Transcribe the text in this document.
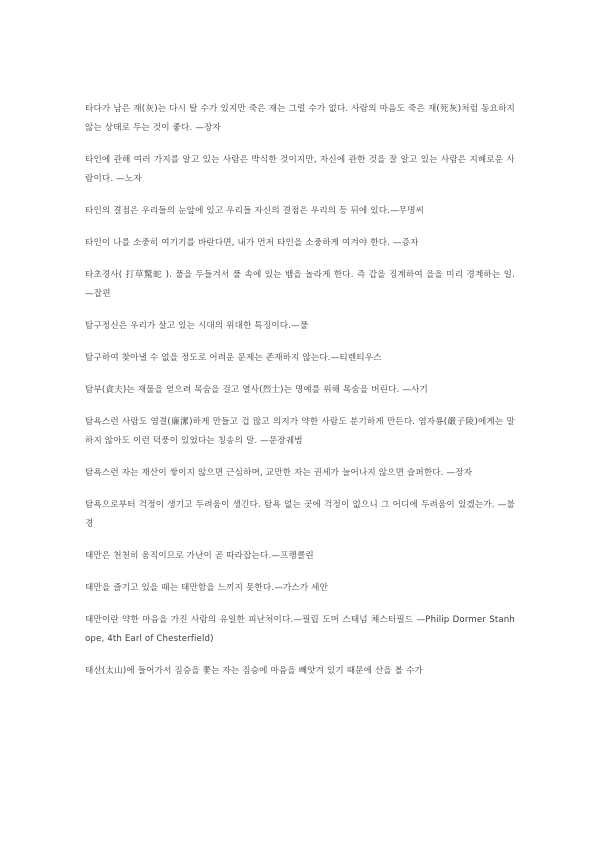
타다가 남은 재(灰)는 다시 탈 수가 있지만 죽은 재는 그럴 수가 없다. 사람의 마음도 죽은 재(死灰)처럼 동요하지 않는 상태로 두는 것이 좋다. —장자

타인에 관해 여러 가지를 알고 있는 사람은 박식한 것이지만, 자신에 관한 것을 잘 알고 있는 사람은 지혜로운 사람이다. —노자

타인의 결점은 우리들의 눈앞에 있고 우리들 자신의 결점은 우리의 등 뒤에 있다.—무명씨

타인이 나를 소중히 여기기를 바란다면, 내가 먼저 타인을 소중하게 여겨야 한다. —증자

타초경사( 打草驚蛇 ). 풀을 두들겨서 풀 속에 있는 뱀을 놀라게 한다. 즉 갑을 징계하여 을을 미리 경계하는 일. —잡편

탐구정신은 우리가 살고 있는 시대의 위대한 특징이다.—풀

탐구하여 찾아낼 수 없을 정도로 어려운 문제는 존재하지 않는다.—티렌티우스

탐부(貪夫)는 재물을 얻으려 목숨을 걸고 열사(烈士)는 명예를 위해 목숨을 버린다. —사기

탐욕스런 사람도 염결(廉潔)하게 만들고 겁 많고 의지가 약한 사람도 분기하게 만든다. 염자룡(嚴子陵)에게는 말하지 않아도 이런 덕풍이 있었다는 칭송의 말. —문장궤범

탐욕스런 자는 재산이 쌓이지 않으면 근심하며, 교만한 자는 권세가 늘어나지 않으면 슬퍼한다. —장자

탐욕으로부터 걱정이 생기고 두려움이 생긴다. 탐욕 없는 곳에 걱정이 없으니 그 어디에 두려움이 있겠는가. —불경

태만은 천천히 움직이므로 가난이 곧 따라잡는다.—프랭클린

태만을 즐기고 있을 때는 태만함을 느끼지 못한다.—가스가 세안

태만이란 약한 마음을 가진 사람의 유일한 피난처이다.—필립 도머 스태넘 체스터필드 —Philip Dormer Stanhope, 4th Earl of Chesterfield)

태산(太山)에 들어가서 짐승을 쫓는 자는 짐승에 마음을 빼앗겨 있기 때문에 산을 볼 수가
